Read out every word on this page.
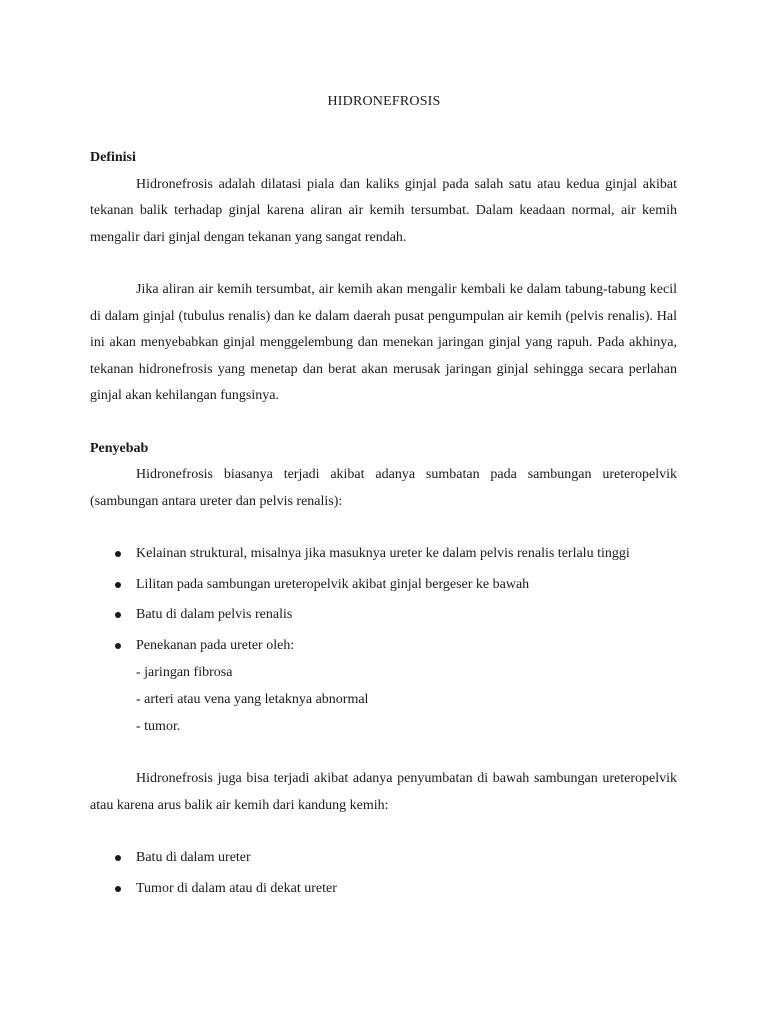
HIDRONEFROSIS

Definisi

Hidronefrosis adalah dilatasi piala dan kaliks ginjal pada salah satu atau kedua ginjal akibat tekanan balik terhadap ginjal karena aliran air kemih tersumbat. Dalam keadaan normal, air kemih mengalir dari ginjal dengan tekanan yang sangat rendah.

Jika aliran air kemih tersumbat, air kemih akan mengalir kembali ke dalam tabung-tabung kecil di dalam ginjal (tubulus renalis) dan ke dalam daerah pusat pengumpulan air kemih (pelvis renalis). Hal ini akan menyebabkan ginjal menggelembung dan menekan jaringan ginjal yang rapuh. Pada akhinya, tekanan hidronefrosis yang menetap dan berat akan merusak jaringan ginjal sehingga secara perlahan ginjal akan kehilangan fungsinya.

Penyebab

Hidronefrosis biasanya terjadi akibat adanya sumbatan pada sambungan ureteropelvik (sambungan antara ureter dan pelvis renalis):

Kelainan struktural, misalnya jika masuknya ureter ke dalam pelvis renalis terlalu tinggi
Lilitan pada sambungan ureteropelvik akibat ginjal bergeser ke bawah
Batu di dalam pelvis renalis
Penekanan pada ureter oleh:
- jaringan fibrosa
- arteri atau vena yang letaknya abnormal
- tumor.

Hidronefrosis juga bisa terjadi akibat adanya penyumbatan di bawah sambungan ureteropelvik atau karena arus balik air kemih dari kandung kemih:

Batu di dalam ureter
Tumor di dalam atau di dekat ureter
